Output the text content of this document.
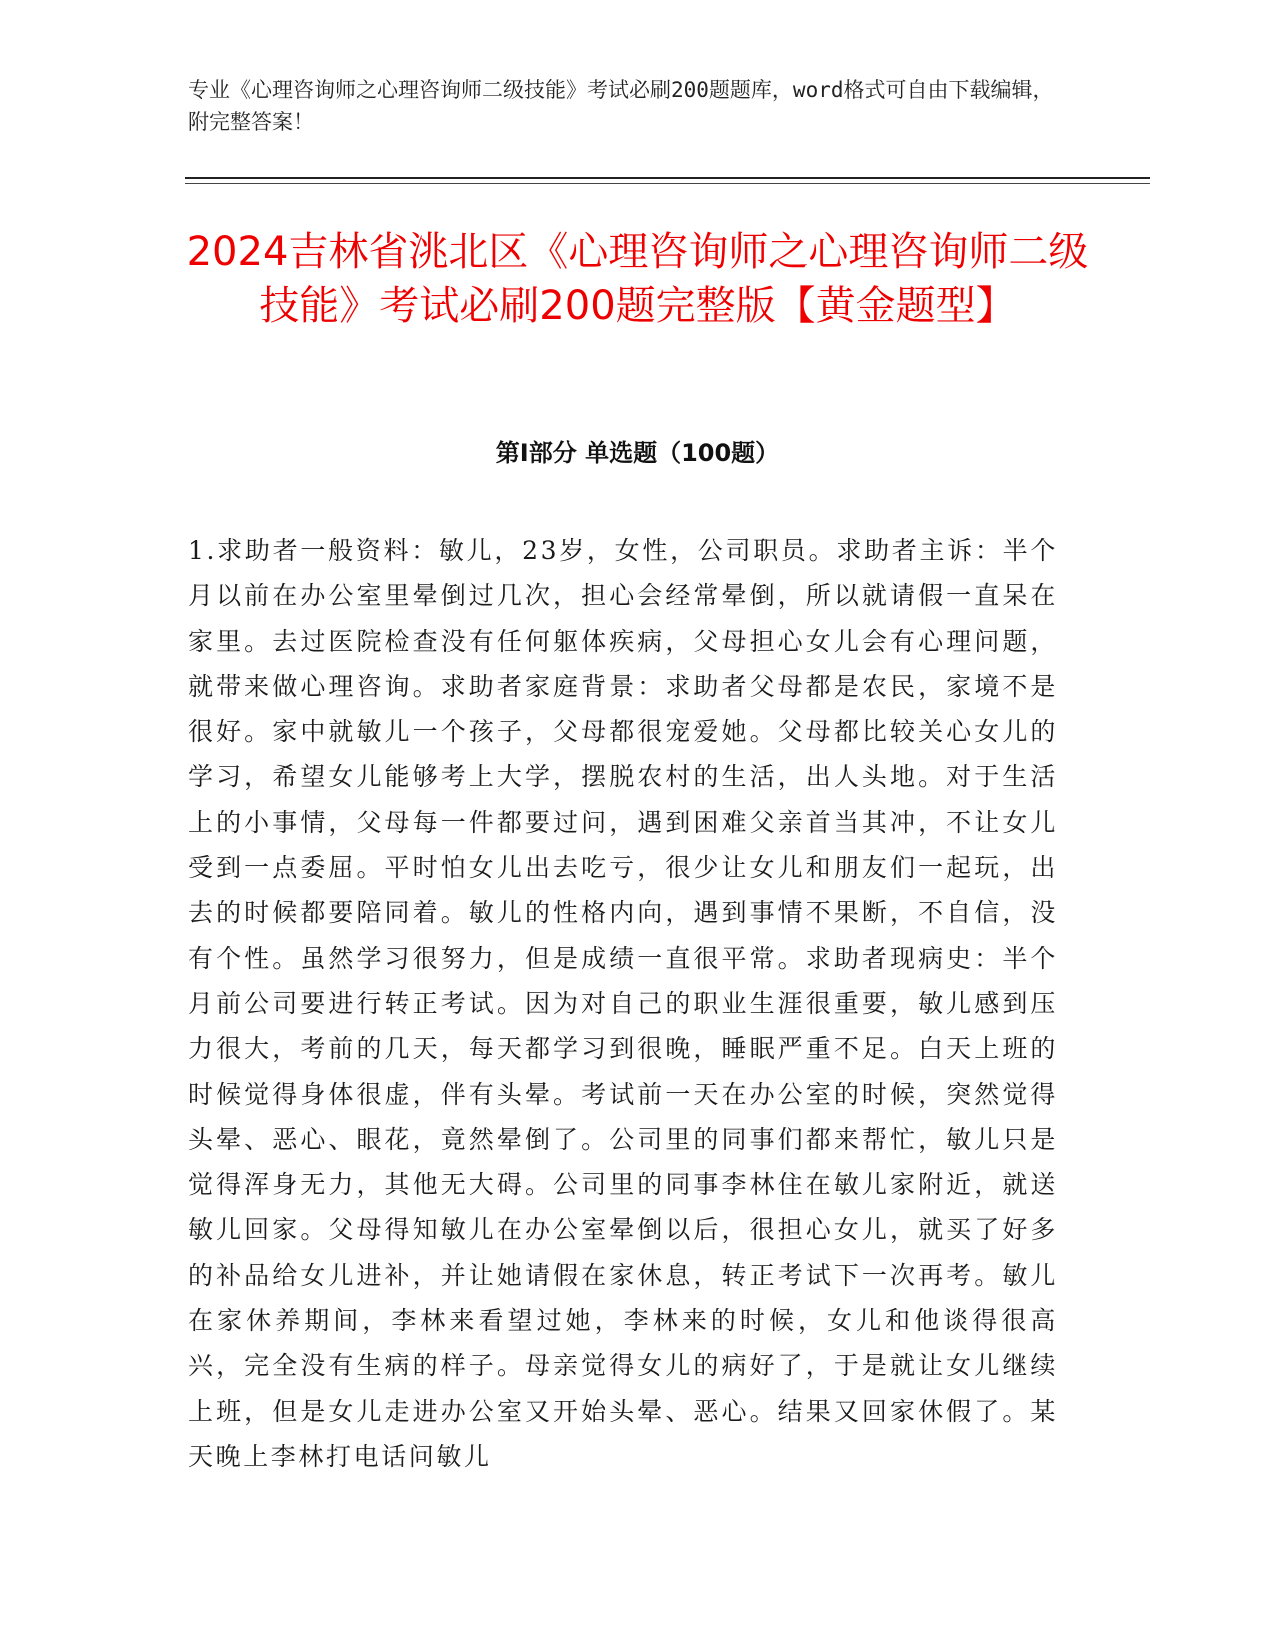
专业《心理咨询师之心理咨询师二级技能》考试必刷200题题库，word格式可自由下载编辑，附完整答案！
2024吉林省洮北区《心理咨询师之心理咨询师二级技能》考试必刷200题完整版【黄金题型】
第I部分 单选题（100题）

1.求助者一般资料：敏儿，23岁，女性，公司职员。求助者主诉：半个月以前在办公室里晕倒过几次，担心会经常晕倒，所以就请假一直呆在家里。去过医院检查没有任何躯体疾病，父母担心女儿会有心理问题，就带来做心理咨询。求助者家庭背景：求助者父母都是农民，家境不是很好。家中就敏儿一个孩子，父母都很宠爱她。父母都比较关心女儿的学习，希望女儿能够考上大学，摆脱农村的生活，出人头地。对于生活上的小事情，父母每一件都要过问，遇到困难父亲首当其冲，不让女儿受到一点委屈。平时怕女儿出去吃亏，很少让女儿和朋友们一起玩，出去的时候都要陪同着。敏儿的性格内向，遇到事情不果断，不自信，没有个性。虽然学习很努力，但是成绩一直很平常。求助者现病史：半个月前公司要进行转正考试。因为对自己的职业生涯很重要，敏儿感到压力很大，考前的几天，每天都学习到很晚，睡眠严重不足。白天上班的时候觉得身体很虚，伴有头晕。考试前一天在办公室的时候，突然觉得头晕、恶心、眼花，竟然晕倒了。公司里的同事们都来帮忙，敏儿只是觉得浑身无力，其他无大碍。公司里的同事李林住在敏儿家附近，就送敏儿回家。父母得知敏儿在办公室晕倒以后，很担心女儿，就买了好多的补品给女儿进补，并让她请假在家休息，转正考试下一次再考。敏儿在家休养期间，李林来看望过她，李林来的时候，女儿和他谈得很高兴，完全没有生病的样子。母亲觉得女儿的病好了，于是就让女儿继续上班，但是女儿走进办公室又开始头晕、恶心。结果又回家休假了。某天晚上李林打电话问敏儿
